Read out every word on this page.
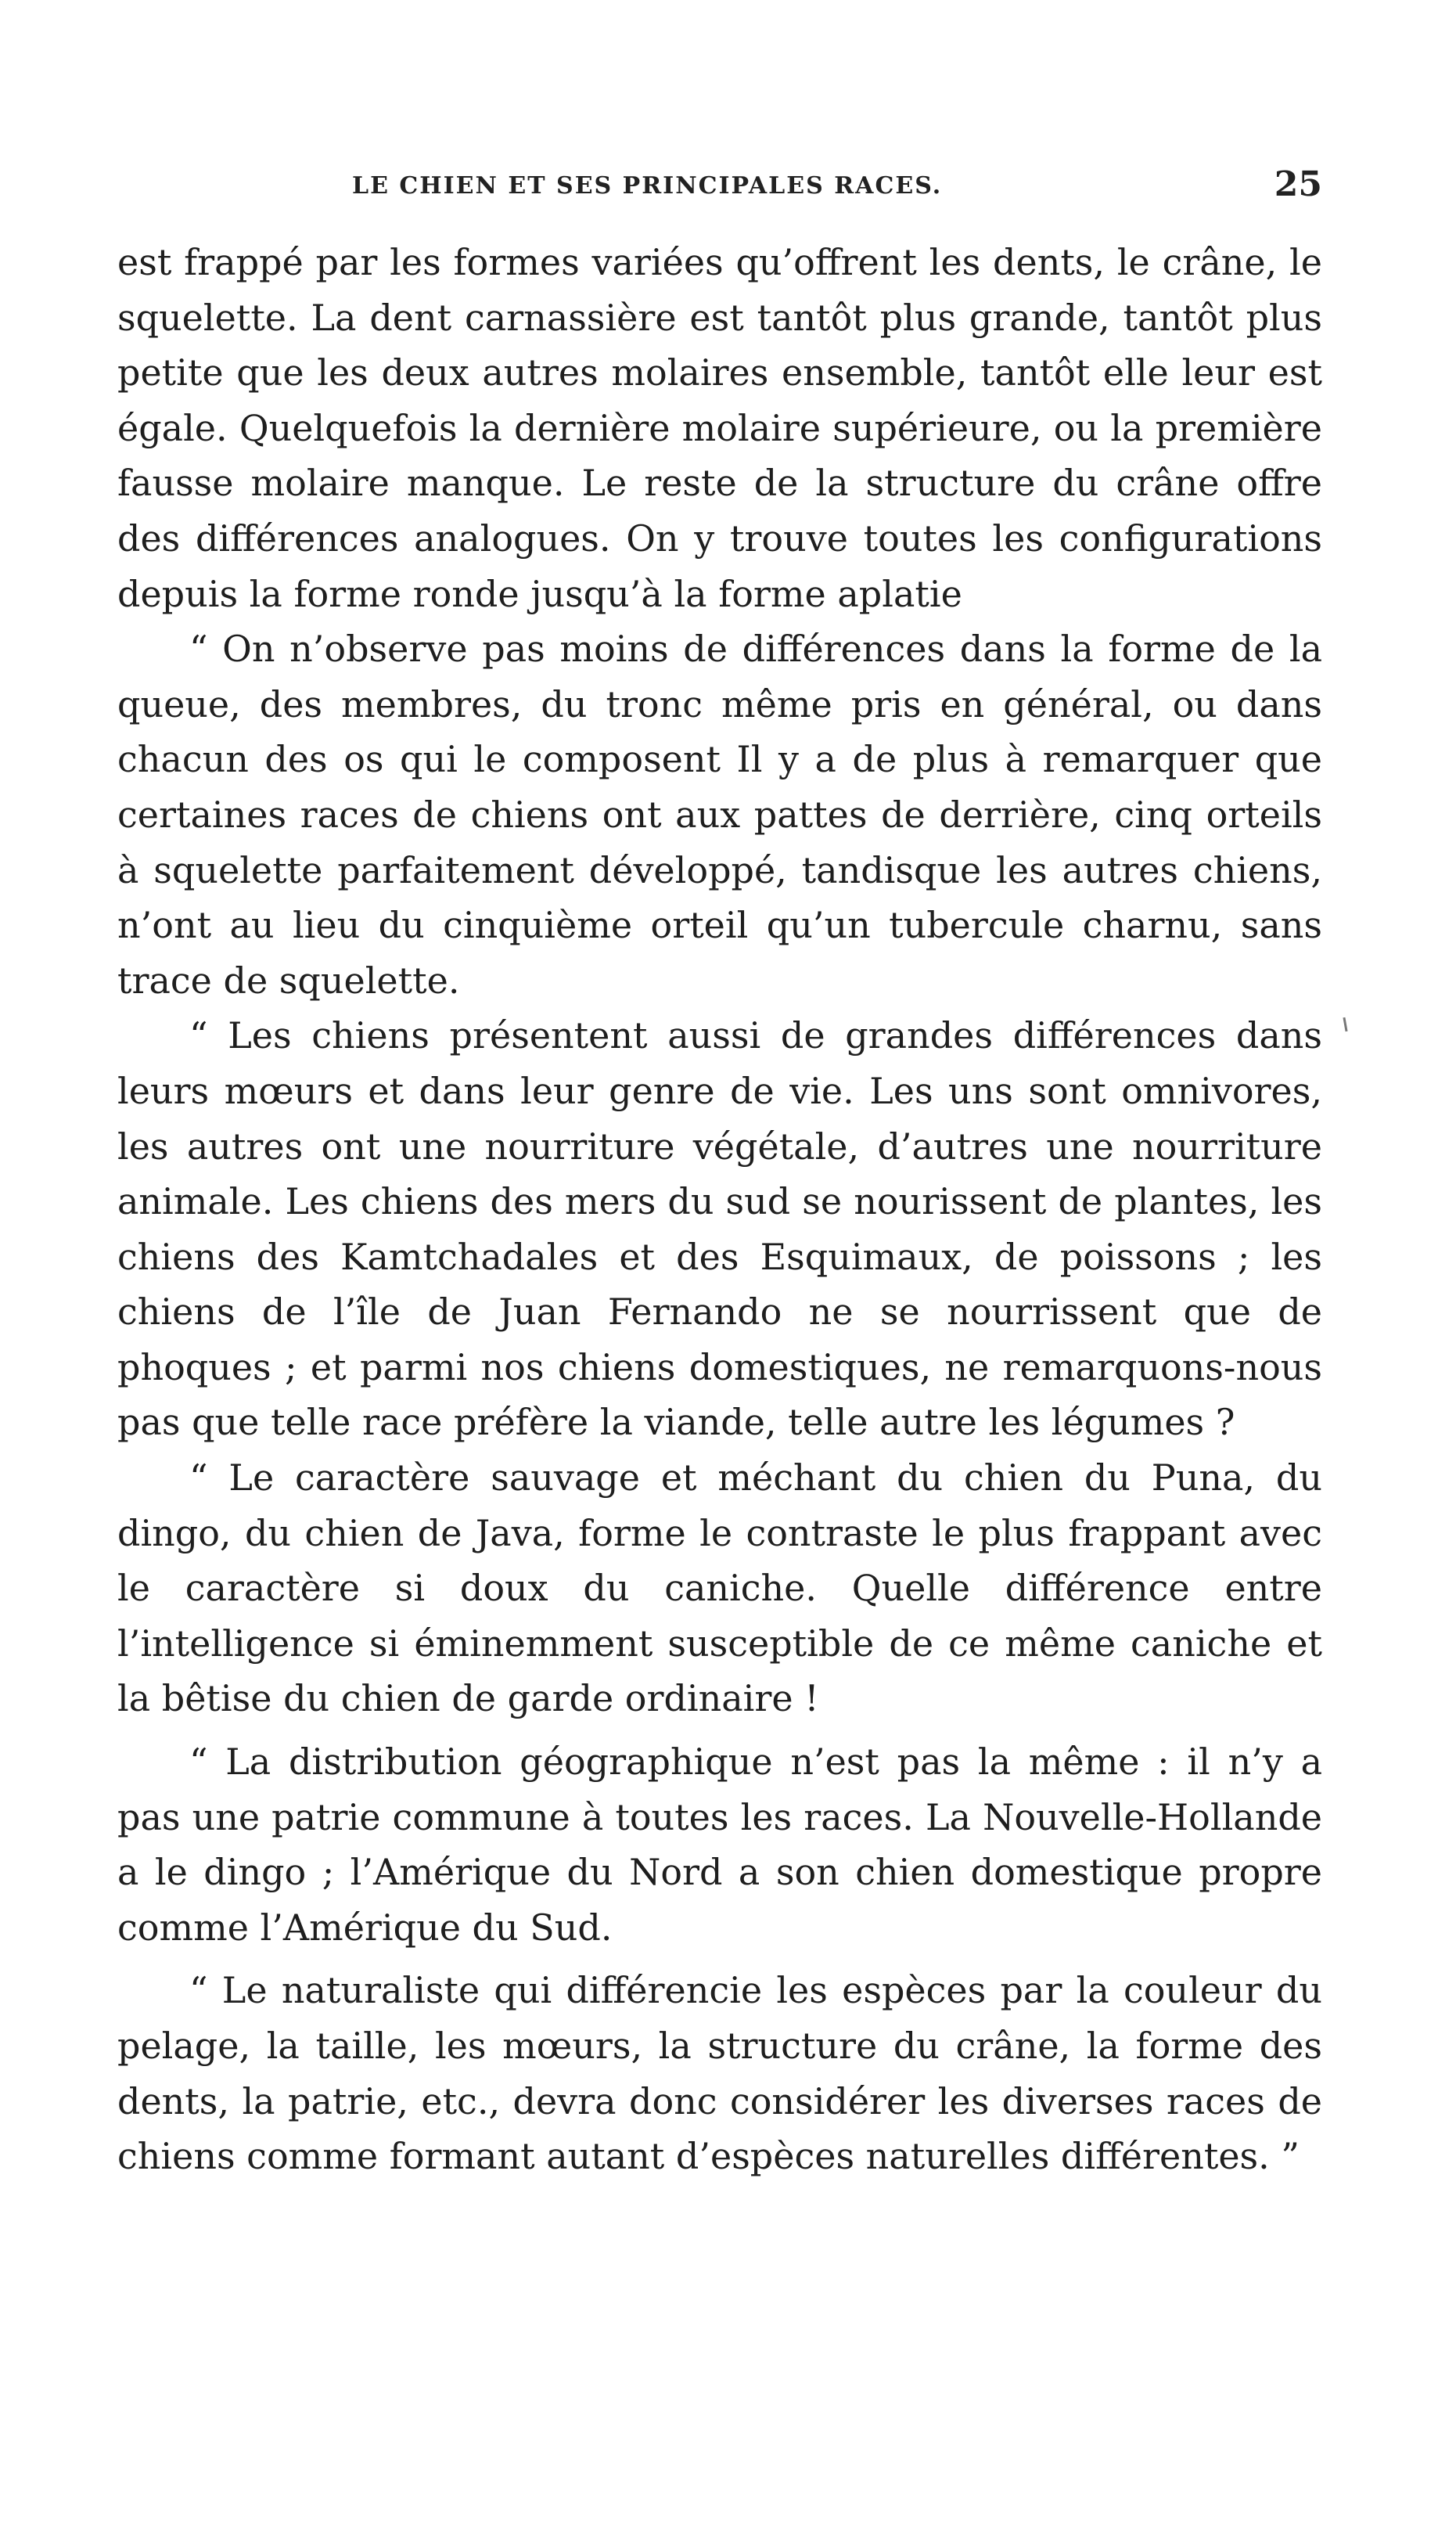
LE CHIEN ET SES PRINCIPALES RACES.	25

est frappé par les formes variées qu’offrent les dents, le crâne, le squelette. La dent carnassière est tantôt plus grande, tantôt plus petite que les deux autres molaires ensemble, tantôt elle leur est égale. Quelquefois la dernière molaire supérieure, ou la première fausse molaire manque. Le reste de la structure du crâne offre des différences analogues. On y trouve toutes les configurations depuis la forme ronde jusqu’à la forme aplatie

“ On n’observe pas moins de différences dans la forme de la queue, des membres, du tronc même pris en général, ou dans chacun des os qui le composent Il y a de plus à remarquer que certaines races de chiens ont aux pattes de derrière, cinq orteils à squelette parfaitement développé, tandisque les autres chiens, n’ont au lieu du cinquième orteil qu’un tubercule charnu, sans trace de squelette.

“ Les chiens présentent aussi de grandes différences dans leurs mœurs et dans leur genre de vie. Les uns sont omnivores, les autres ont une nourriture végétale, d’autres une nourriture animale. Les chiens des mers du sud se nourissent de plantes, les chiens des Kamtchadales et des Esquimaux, de poissons ; les chiens de l’île de Juan Fernando ne se nourrissent que de phoques ; et parmi nos chiens domestiques, ne remarquons-nous pas que telle race préfère la viande, telle autre les légumes ?

“ Le caractère sauvage et méchant du chien du Puna, du dingo, du chien de Java, forme le contraste le plus frappant avec le caractère si doux du caniche. Quelle différence entre l’intelligence si éminemment susceptible de ce même caniche et la bêtise du chien de garde ordinaire !

“ La distribution géographique n’est pas la même : il n’y a pas une patrie commune à toutes les races. La Nouvelle-Hollande a le dingo ; l’Amérique du Nord a son chien domestique propre comme l’Amérique du Sud.

“ Le naturaliste qui différencie les espèces par la couleur du pelage, la taille, les mœurs, la structure du crâne, la forme des dents, la patrie, etc., devra donc considérer les diverses races de chiens comme formant autant d’espèces naturelles différentes. ”
